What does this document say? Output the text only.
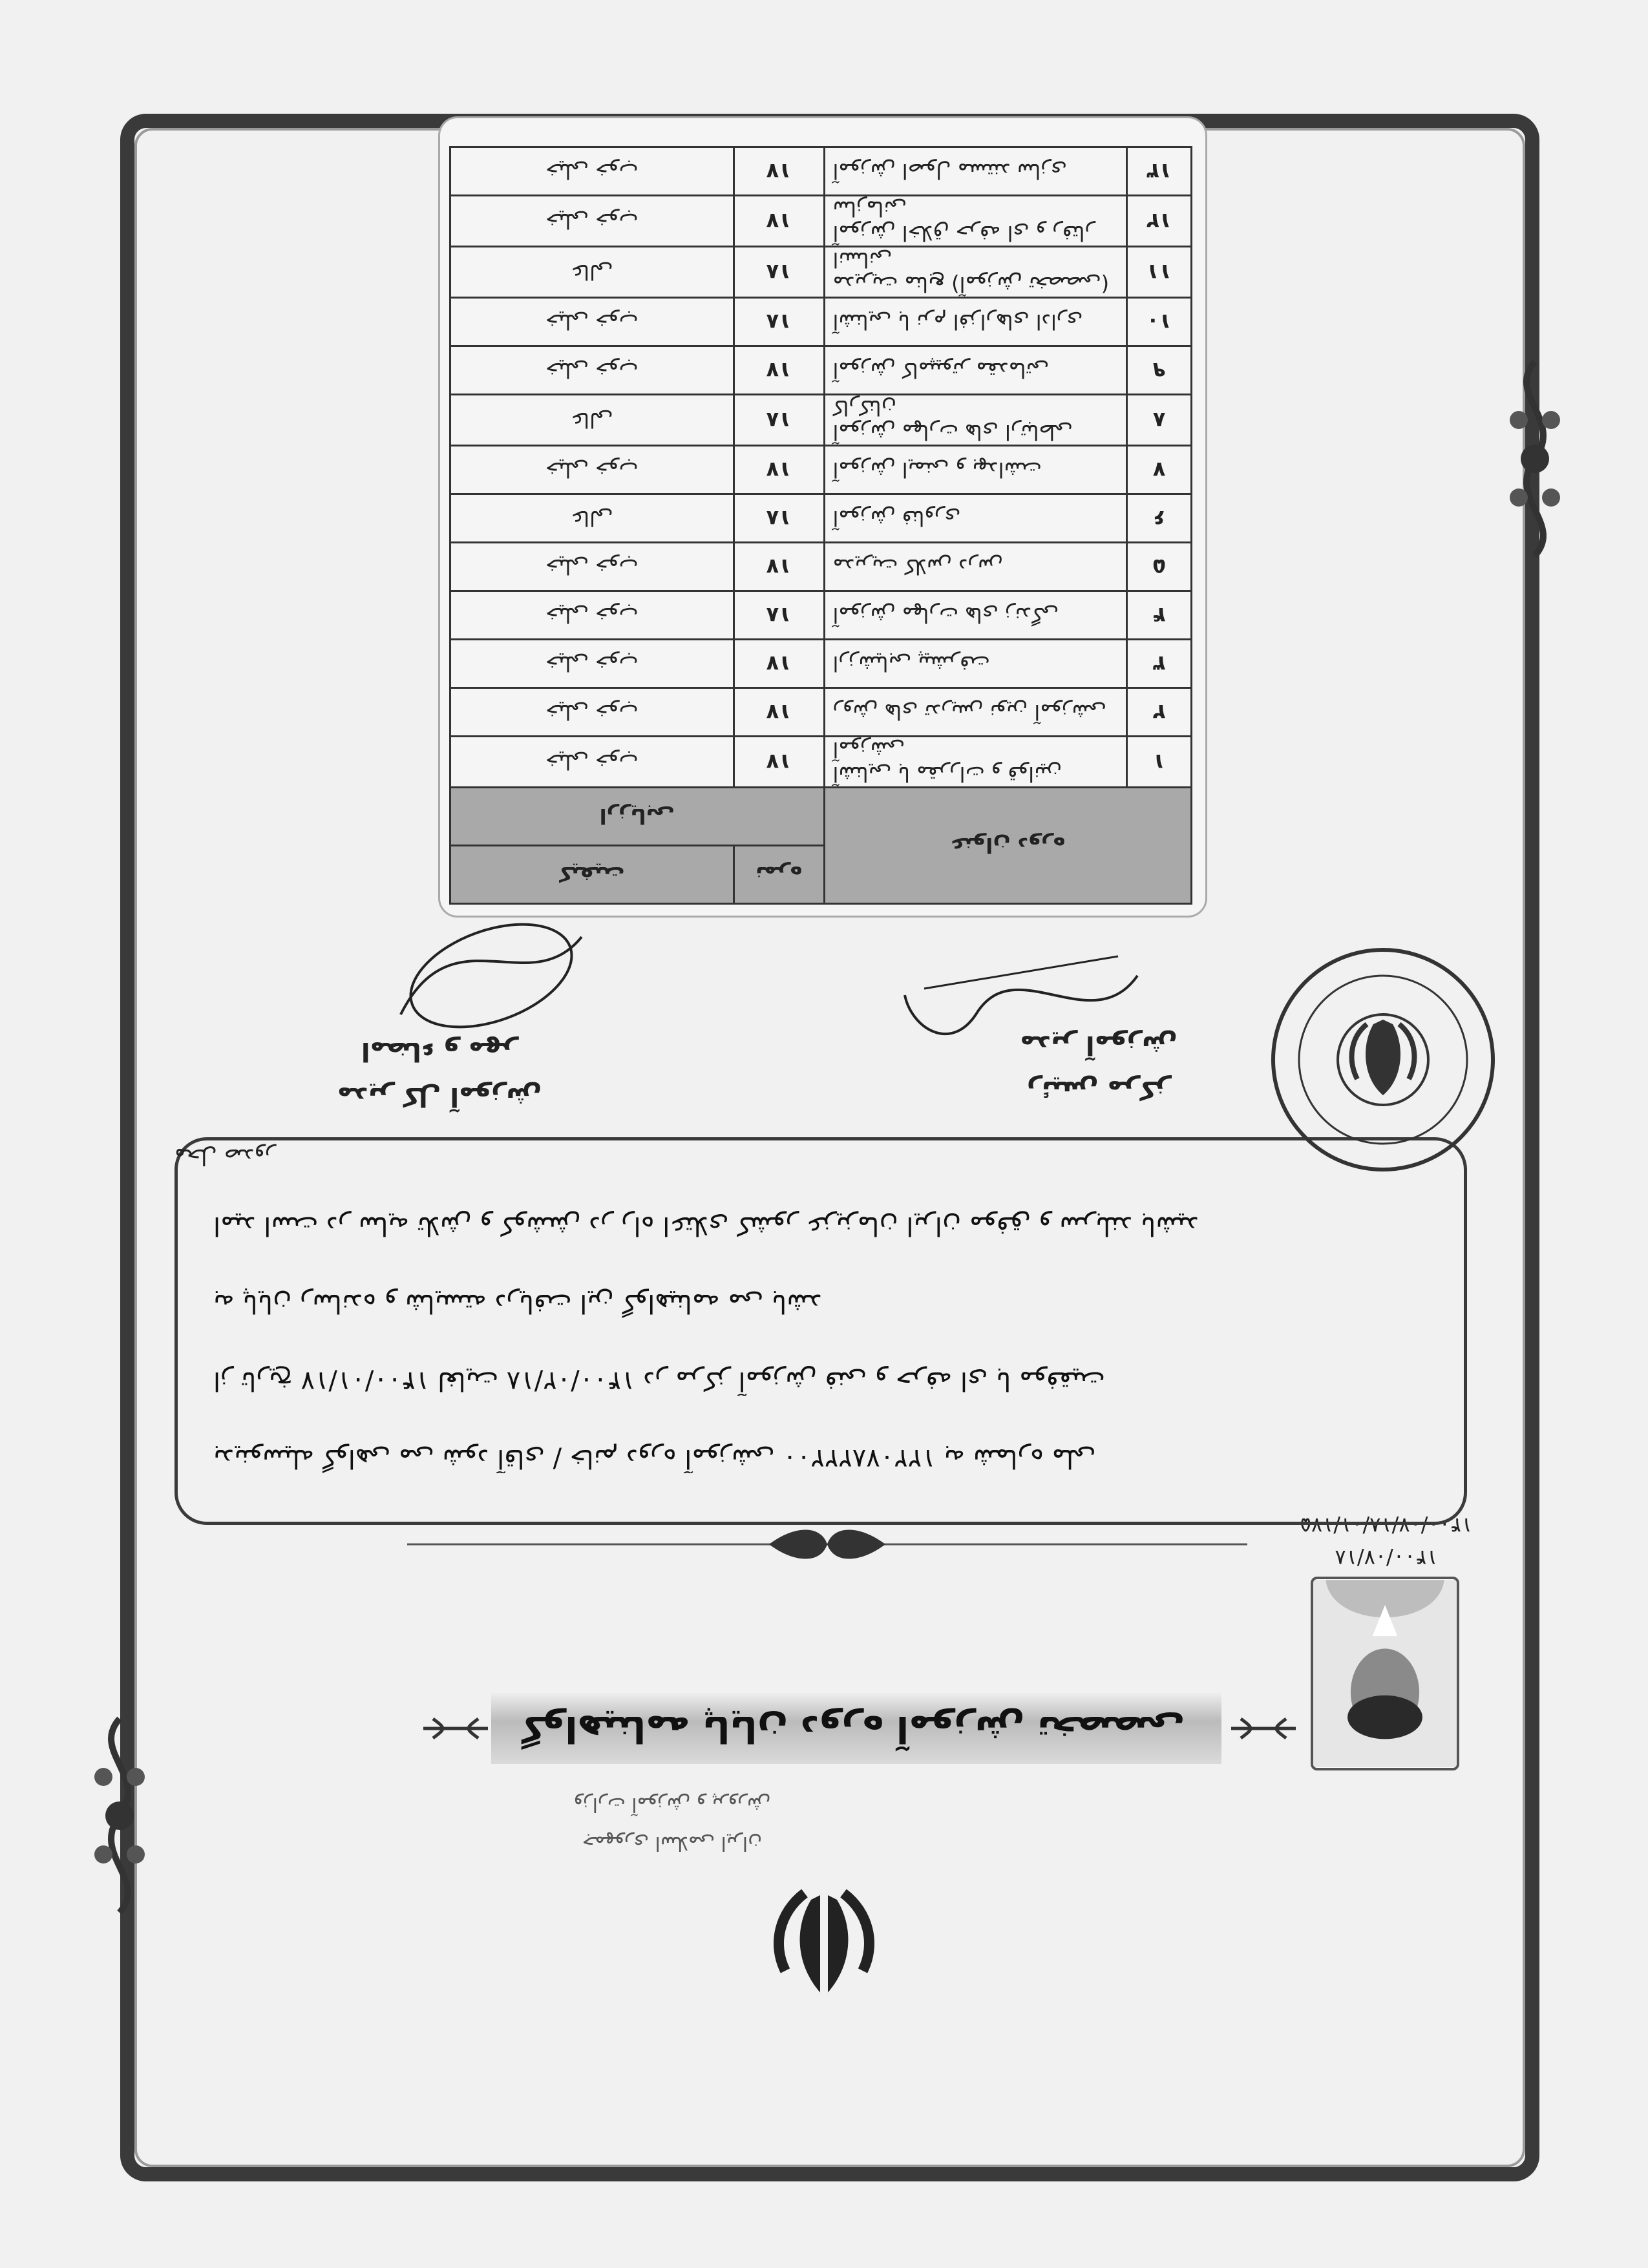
جمهوری اسلامی ایران
وزارت آموزش و پرورش
گواهینامه پایان دوره آموزش تخصصی
۱۴۰۰/۰۷/۱۸
۱۴۰۰/۰۷/۱۸/۰۱/۱۷۵
بدینوسیله گواهی می شود آقای / خانم دوره آموزشی ۱۲۲۰۷۸۲۲۲۰۰ به شماره ملی
از تاریخ ۱۴۰۰/۰۱/۱۷ لغایت ۱۴۰۰/۰۲/۱۸ در مرکز آموزش فنی و حرفه ای با موفقیت
به پایان رسانده و شایسته دریافت این گواهینامه می باشد
امید است در سایه تلاش و کوشش در راه اعتلای کشور عزیزمان ایران موفق و سربلند باشید
محل صدور
رئیس مرکز
مدیر آموزش
مدیر کل آموزش
امضاء و مهر
عنوان دوره		نمره	کیفیت
		ارزیابی	
۱	آشنایی با مقررات و قوانین آموزشی	۱۷	خیلی خوب
۲	روش های تدریس نوین آموزشی	۱۷	خیلی خوب
۳	ارزشیابی پیشرفت	۱۷	خیلی خوب
۴	آموزش مهارت های زندگی	۱۸	خیلی خوب
۵	مدیریت کلاس درس	۱۷	خیلی خوب
۶	آموزش فناوری	۱۸	عالی
۷	آموزش ایمنی و بهداشت	۱۷	خیلی خوب
۸	آموزش مهارت های ارتباطی کارکنان	۱۸	عالی
۹	آموزش کامپیوتر مقدماتی	۱۷	خیلی خوب
۱۰	آشنایی با نرم افزارهای اداری	۱۸	خیلی خوب
۱۱	(آموزش تخصصی) مدیریت منابع انسانی	۱۸	عالی
۱۲	آموزش اخلاق حرفه ای و رفتار سازمانی	۱۷	خیلی خوب
۱۳	آموزش اصول مستند سازی	۱۷	خیلی خوب
